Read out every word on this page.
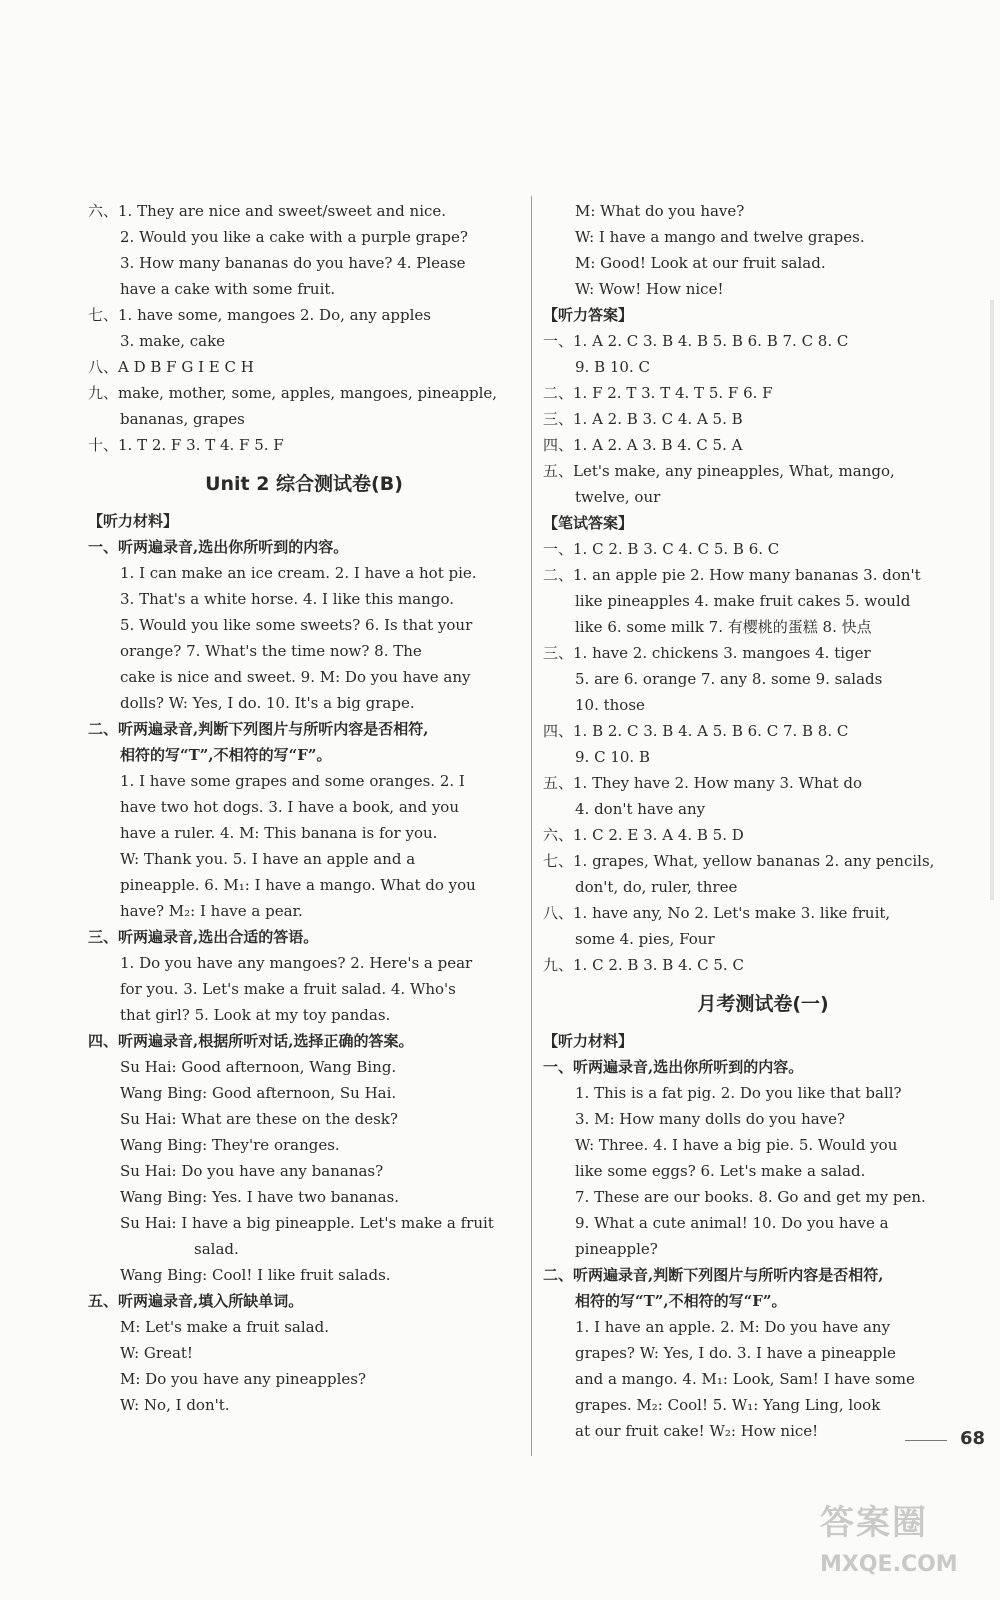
六、1. They are nice and sweet/sweet and nice.
2. Would you like a cake with a purple grape?
3. How many bananas do you have? 4. Please
have a cake with some fruit.
七、1. have some, mangoes 2. Do, any apples
3. make, cake
八、A D B F G I E C H
九、make, mother, some, apples, mangoes, pineapple,
bananas, grapes
十、1. T 2. F 3. T 4. F 5. F
Unit 2 综合测试卷(B)
【听力材料】
一、听两遍录音,选出你所听到的内容。
1. I can make an ice cream. 2. I have a hot pie.
3. That's a white horse. 4. I like this mango.
5. Would you like some sweets? 6. Is that your
orange? 7. What's the time now? 8. The
cake is nice and sweet. 9. M: Do you have any
dolls? W: Yes, I do. 10. It's a big grape.
二、听两遍录音,判断下列图片与所听内容是否相符,
相符的写“T”,不相符的写“F”。
1. I have some grapes and some oranges. 2. I
have two hot dogs. 3. I have a book, and you
have a ruler. 4. M: This banana is for you.
W: Thank you. 5. I have an apple and a
pineapple. 6. M₁: I have a mango. What do you
have? M₂: I have a pear.
三、听两遍录音,选出合适的答语。
1. Do you have any mangoes? 2. Here's a pear
for you. 3. Let's make a fruit salad. 4. Who's
that girl? 5. Look at my toy pandas.
四、听两遍录音,根据所听对话,选择正确的答案。
Su Hai: Good afternoon, Wang Bing.
Wang Bing: Good afternoon, Su Hai.
Su Hai: What are these on the desk?
Wang Bing: They're oranges.
Su Hai: Do you have any bananas?
Wang Bing: Yes. I have two bananas.
Su Hai: I have a big pineapple. Let's make a fruit
salad.
Wang Bing: Cool! I like fruit salads.
五、听两遍录音,填入所缺单词。
M: Let's make a fruit salad.
W: Great!
M: Do you have any pineapples?
W: No, I don't.
M: What do you have?
W: I have a mango and twelve grapes.
M: Good! Look at our fruit salad.
W: Wow! How nice!
【听力答案】
一、1. A 2. C 3. B 4. B 5. B 6. B 7. C 8. C
9. B 10. C
二、1. F 2. T 3. T 4. T 5. F 6. F
三、1. A 2. B 3. C 4. A 5. B
四、1. A 2. A 3. B 4. C 5. A
五、Let's make, any pineapples, What, mango,
twelve, our
【笔试答案】
一、1. C 2. B 3. C 4. C 5. B 6. C
二、1. an apple pie 2. How many bananas 3. don't
like pineapples 4. make fruit cakes 5. would
like 6. some milk 7. 有樱桃的蛋糕 8. 快点
三、1. have 2. chickens 3. mangoes 4. tiger
5. are 6. orange 7. any 8. some 9. salads
10. those
四、1. B 2. C 3. B 4. A 5. B 6. C 7. B 8. C
9. C 10. B
五、1. They have 2. How many 3. What do
4. don't have any
六、1. C 2. E 3. A 4. B 5. D
七、1. grapes, What, yellow bananas 2. any pencils,
don't, do, ruler, three
八、1. have any, No 2. Let's make 3. like fruit,
some 4. pies, Four
九、1. C 2. B 3. B 4. C 5. C
月考测试卷(一)
【听力材料】
一、听两遍录音,选出你所听到的内容。
1. This is a fat pig. 2. Do you like that ball?
3. M: How many dolls do you have?
W: Three. 4. I have a big pie. 5. Would you
like some eggs? 6. Let's make a salad.
7. These are our books. 8. Go and get my pen.
9. What a cute animal! 10. Do you have a
pineapple?
二、听两遍录音,判断下列图片与所听内容是否相符,
相符的写“T”,不相符的写“F”。
1. I have an apple. 2. M: Do you have any
grapes? W: Yes, I do. 3. I have a pineapple
and a mango. 4. M₁: Look, Sam! I have some
grapes. M₂: Cool! 5. W₁: Yang Ling, look
at our fruit cake! W₂: How nice!	68
答案圈
MXQE.COM
